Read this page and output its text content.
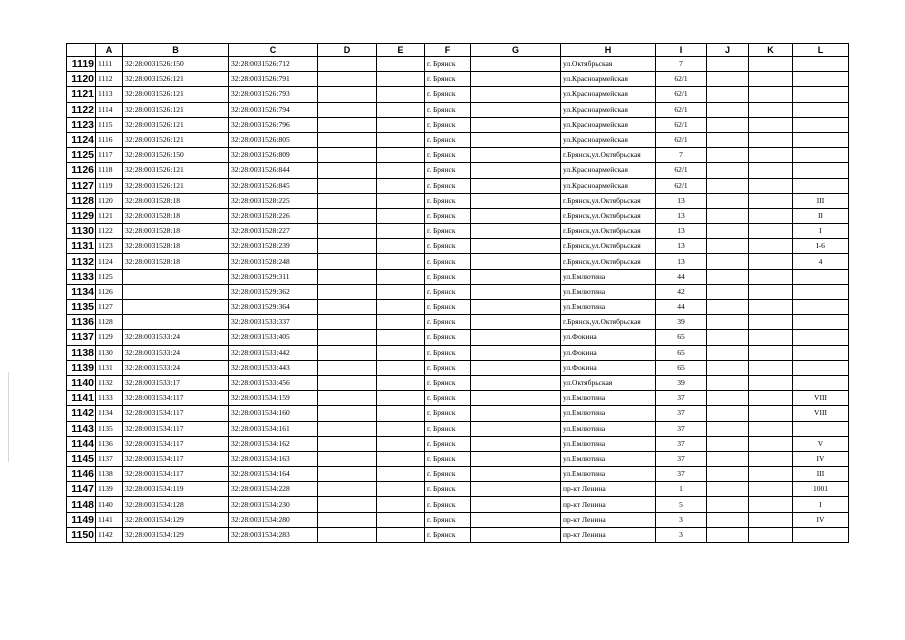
	A	B	C	D	E	F	G	H	I	J	K	L
1119	1111	32:28:0031526:150	32:28:0031526:712			г. Брянск		ул.Октябрьская	7			
1120	1112	32:28:0031526:121	32:28:0031526:791			г. Брянск		ул.Красноармейская	62/1			
1121	1113	32:28:0031526:121	32:28:0031526:793			г. Брянск		ул.Красноармейская	62/1			
1122	1114	32:28:0031526:121	32:28:0031526:794			г. Брянск		ул.Красноармейская	62/1			
1123	1115	32:28:0031526:121	32:28:0031526:796			г. Брянск		ул.Красноармейская	62/1			
1124	1116	32:28:0031526:121	32:28:0031526:805			г. Брянск		ул.Красноармейская	62/1			
1125	1117	32:28:0031526:150	32:28:0031526:809			г. Брянск		г.Брянск,ул.Октябрьская	7			
1126	1118	32:28:0031526:121	32:28:0031526:844			г. Брянск		ул.Красноармейская	62/1			
1127	1119	32:28:0031526:121	32:28:0031526:845			г. Брянск		ул.Красноармейская	62/1			
1128	1120	32:28:0031528:18	32:28:0031528:225			г. Брянск		г.Брянск,ул.Октябрьская	13			III
1129	1121	32:28:0031528:18	32:28:0031528:226			г. Брянск		г.Брянск,ул.Октябрьская	13			II
1130	1122	32:28:0031528:18	32:28:0031528:227			г. Брянск		г.Брянск,ул.Октябрьская	13			I
1131	1123	32:28:0031528:18	32:28:0031528:239			г. Брянск		г.Брянск,ул.Октябрьская	13			I-6
1132	1124	32:28:0031528:18	32:28:0031528:248			г. Брянск		г.Брянск,ул.Октябрьская	13			4
1133	1125		32:28:0031529:311			г. Брянск		ул.Емлютина	44			
1134	1126		32:28:0031529:362			г. Брянск		ул.Емлютина	42			
1135	1127		32:28:0031529:364			г. Брянск		ул.Емлютина	44			
1136	1128		32:28:0031533:337			г. Брянск		г.Брянск,ул.Октябрьская	39			
1137	1129	32:28:0031533:24	32:28:0031533:405			г. Брянск		ул.Фокина	65			
1138	1130	32:28:0031533:24	32:28:0031533:442			г. Брянск		ул.Фокина	65			
1139	1131	32:28:0031533:24	32:28:0031533:443			г. Брянск		ул.Фокина	65			
1140	1132	32:28:0031533:17	32:28:0031533:456			г. Брянск		ул.Октябрьская	39			
1141	1133	32:28:0031534:117	32:28:0031534:159			г. Брянск		ул.Емлютина	37			VIII
1142	1134	32:28:0031534:117	32:28:0031534:160			г. Брянск		ул.Емлютина	37			VIII
1143	1135	32:28:0031534:117	32:28:0031534:161			г. Брянск		ул.Емлютина	37			
1144	1136	32:28:0031534:117	32:28:0031534:162			г. Брянск		ул.Емлютина	37			V
1145	1137	32:28:0031534:117	32:28:0031534:163			г. Брянск		ул.Емлютина	37			IV
1146	1138	32:28:0031534:117	32:28:0031534:164			г. Брянск		ул.Емлютина	37			III
1147	1139	32:28:0031534:119	32:28:0031534:228			г. Брянск		пр-кт Ленина	1			1001
1148	1140	32:28:0031534:128	32:28:0031534:230			г. Брянск		пр-кт Ленина	5			I
1149	1141	32:28:0031534:129	32:28:0031534:280			г. Брянск		пр-кт Ленина	3			IV
1150	1142	32:28:0031534:129	32:28:0031534:283			г. Брянск		пр-кт Ленина	3			
